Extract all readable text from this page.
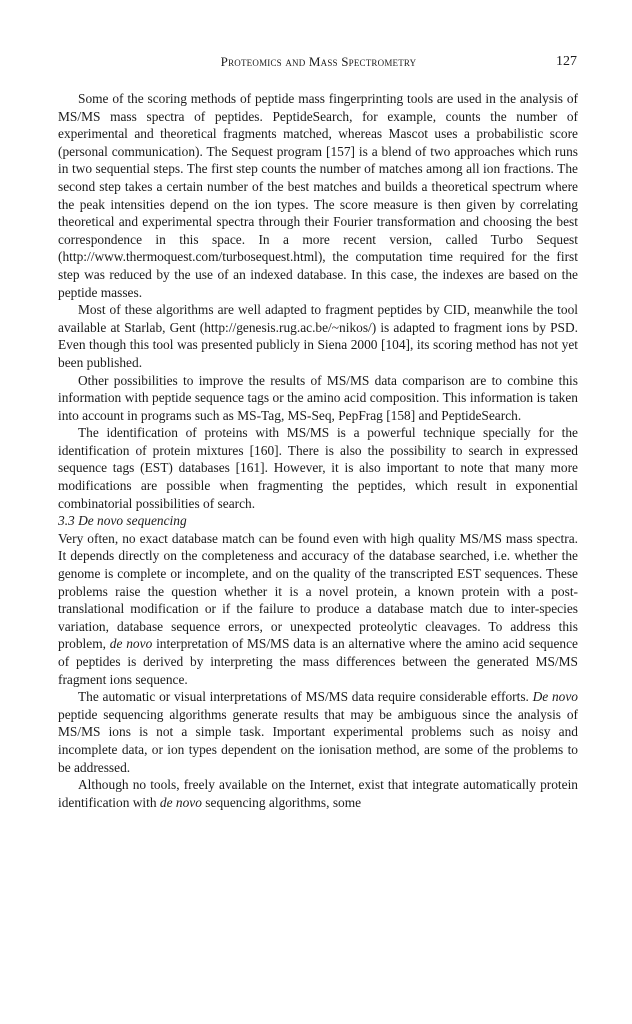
Proteomics and Mass Spectrometry	127

Some of the scoring methods of peptide mass fingerprinting tools are used in the analysis of MS/MS mass spectra of peptides. PeptideSearch, for example, counts the number of experimental and theoretical fragments matched, whereas Mascot uses a probabilistic score (personal communication). The Sequest program [157] is a blend of two approaches which runs in two sequential steps. The first step counts the number of matches among all ion fractions. The second step takes a certain number of the best matches and builds a theoretical spectrum where the peak intensities depend on the ion types. The score measure is then given by correlating theoretical and experimental spectra through their Fourier transformation and choosing the best correspondence in this space. In a more recent version, called Turbo Sequest (http://www.thermoquest.com/turbosequest.html), the computation time required for the first step was reduced by the use of an indexed database. In this case, the indexes are based on the peptide masses.

Most of these algorithms are well adapted to fragment peptides by CID, meanwhile the tool available at Starlab, Gent (http://genesis.rug.ac.be/~nikos/) is adapted to fragment ions by PSD. Even though this tool was presented publicly in Siena 2000 [104], its scoring method has not yet been published.

Other possibilities to improve the results of MS/MS data comparison are to combine this information with peptide sequence tags or the amino acid composition. This information is taken into account in programs such as MS-Tag, MS-Seq, PepFrag [158] and PeptideSearch.

The identification of proteins with MS/MS is a powerful technique specially for the identification of protein mixtures [160]. There is also the possibility to search in expressed sequence tags (EST) databases [161]. However, it is also important to note that many more modifications are possible when fragmenting the peptides, which result in exponential combinatorial possibilities of search.

3.3 De novo sequencing

Very often, no exact database match can be found even with high quality MS/MS mass spectra. It depends directly on the completeness and accuracy of the database searched, i.e. whether the genome is complete or incomplete, and on the quality of the transcripted EST sequences. These problems raise the question whether it is a novel protein, a known protein with a post-translational modification or if the failure to produce a database match due to inter-species variation, database sequence errors, or unexpected proteolytic cleavages. To address this problem, de novo interpretation of MS/MS data is an alternative where the amino acid sequence of peptides is derived by interpreting the mass differences between the generated MS/MS fragment ions sequence.

The automatic or visual interpretations of MS/MS data require considerable efforts. De novo peptide sequencing algorithms generate results that may be ambiguous since the analysis of MS/MS ions is not a simple task. Important experimental problems such as noisy and incomplete data, or ion types dependent on the ionisation method, are some of the problems to be addressed.

Although no tools, freely available on the Internet, exist that integrate automatically protein identification with de novo sequencing algorithms, some
